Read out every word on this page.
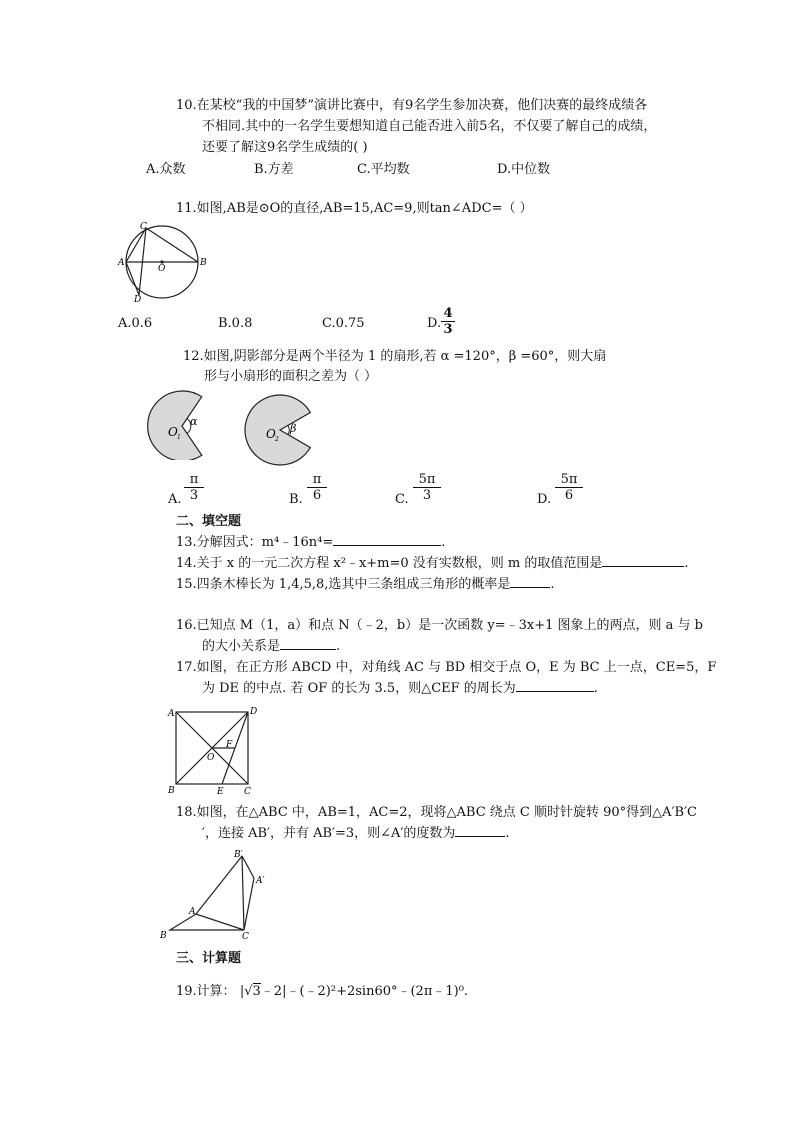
10.在某校“我的中国梦”演讲比赛中，有9名学生参加决赛，他们决赛的最终成绩各
不相同.其中的一名学生要想知道自己能否进入前5名，不仅要了解自己的成绩，
还要了解这9名学生成绩的( )
A.众数	B.方差	C.平均数	D.中位数
11.如图,AB是⊙O的直径,AB=15,AC=9,则tan∠ADC=（ ）
C
A	B
O
D
A.0.6	B.0.8	C.0.75	D. $\frac{4}{3}$
12.如图,阴影部分是两个半径为 1 的扇形,若 α =120°，β =60°，则大扇
形与小扇形的面积之差为（ ）
α
O 1
β
O 2
A. $\frac{\pi}{3}$	B. $\frac{\pi}{6}$	C. $\frac{5\pi}{3}$	D. $\frac{5\pi}{6}$
二、填空题
13.分解因式：m⁴﹣16n⁴=	.
14.关于 x 的一元二次方程 x²﹣x+m=0 没有实数根，则 m 的取值范围是	.
15.四条木棒长为 1,4,5,8,选其中三条组成三角形的概率是	.
16.已知点 M（1，a）和点 N（﹣2，b）是一次函数 y=﹣3x+1 图象上的两点，则 a 与 b
的大小关系是	.
17.如图，在正方形 ABCD 中，对角线 AC 与 BD 相交于点 O，E 为 BC 上一点，CE=5，F
为 DE 的中点. 若 OF 的长为 3.5，则△CEF 的周长为	.
A	D
B	C
E
F
O
18.如图，在△ABC 中，AB=1，AC=2，现将△ABC 绕点 C 顺时针旋转 90°得到△A′B′C
′，连接 AB′，并有 AB′=3，则∠A′的度数为	.
B
A
C
B′
A′
三、计算题
19.计算： |√3﹣2|﹣(﹣2)²+2sin60°﹣(2π﹣1)⁰.
